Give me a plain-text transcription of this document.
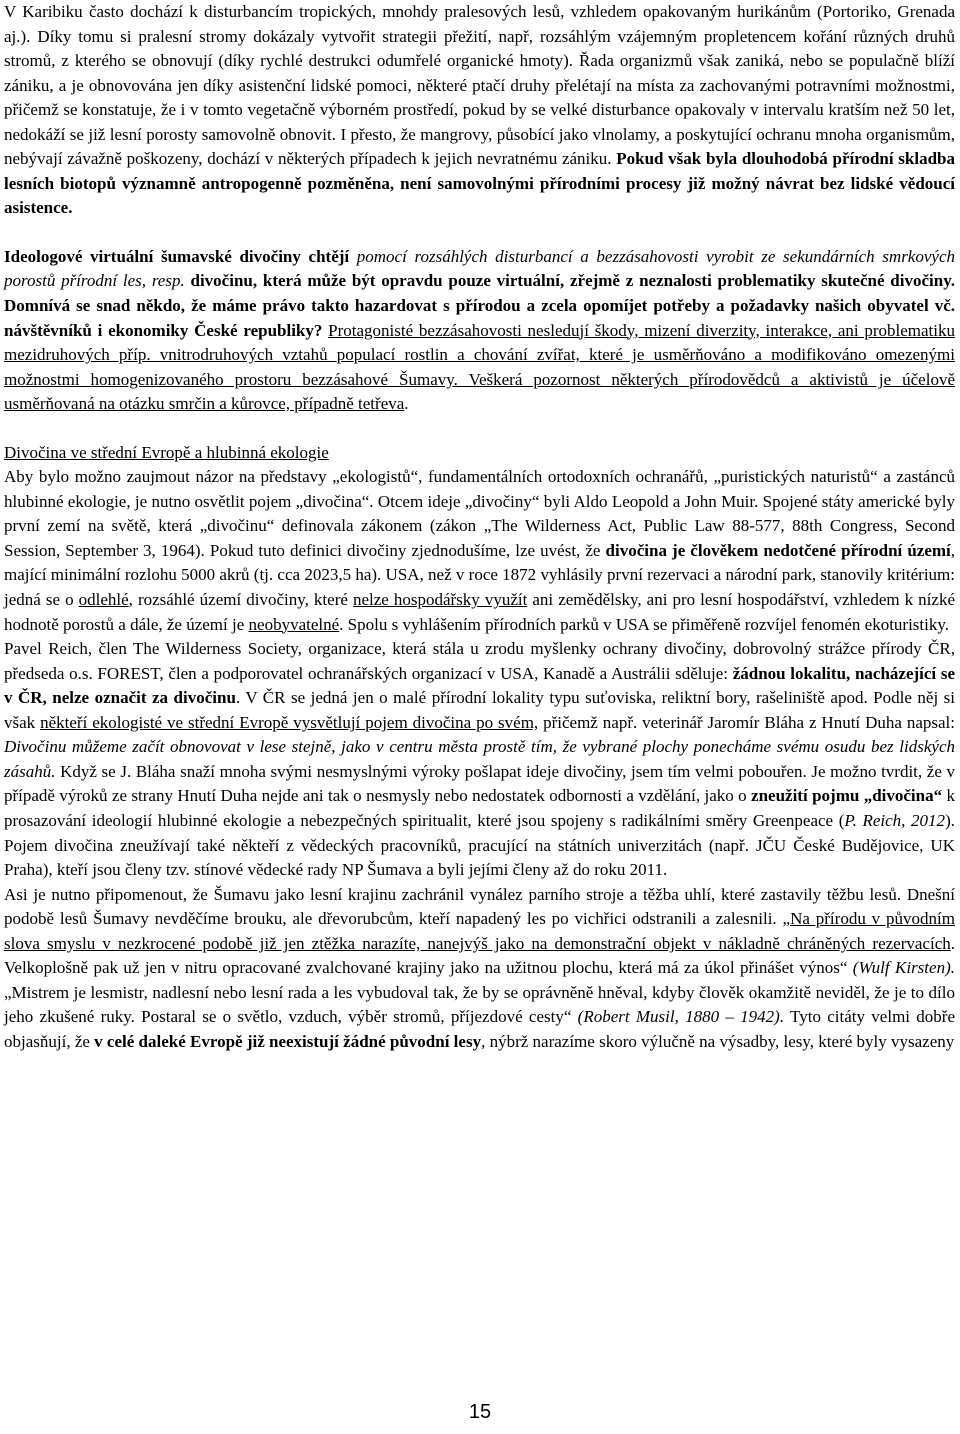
V Karibiku často dochází k disturbancím tropických, mnohdy pralesových lesů, vzhledem opakovaným hurikánům (Portoriko, Grenada aj.). Díky tomu si pralesní stromy dokázaly vytvořit strategii přežití, např, rozsáhlým vzájemným propletencem kořání různých druhů stromů, z kterého se obnovují (díky rychlé destrukci odumřelé organické hmoty). Řada organizmů však zaniká, nebo se populačně blíží zániku, a je obnovována jen díky asistenční lidské pomoci, některé ptačí druhy přelétají na místa za zachovanými potravními možnostmi, přičemž se konstatuje, že i v tomto vegetačně výborném prostředí, pokud by se velké disturbance opakovaly v intervalu kratším než 50 let, nedokáží se již lesní porosty samovolně obnovit. I přesto, že mangrovy, působící jako vlnolamy, a poskytující ochranu mnoha organismům, nebývají závažně poškozeny, dochází v některých případech k jejich nevratnému zániku. Pokud však byla dlouhodobá přírodní skladba lesních biotopů významně antropogenně pozměněna, není samovolnými přírodními procesy již možný návrat bez lidské vědoucí asistence.

Ideologové virtuální šumavské divočiny chtějí pomocí rozsáhlých disturbancí a bezzásahovosti vyrobit ze sekundárních smrkových porostů přírodní les, resp. divočinu, která může být opravdu pouze virtuální, zřejmě z neznalosti problematiky skutečné divočiny. Domnívá se snad někdo, že máme právo takto hazardovat s přírodou a zcela opomíjet potřeby a požadavky našich obyvatel vč. návštěvníků i ekonomiky České republiky? Protagonisté bezzásahovosti nesledují škody, mizení diverzity, interakce, ani problematiku mezidruhových příp. vnitrodruhových vztahů populací rostlin a chování zvířat, které je usměrňováno a modifikováno omezenými možnostmi homogenizovaného prostoru bezzásahové Šumavy. Veškerá pozornost některých přírodovědců a aktivistů je účelově usměrňovaná na otázku smrčin a kůrovce, případně tetřeva.

Divočina ve střední Evropě a hlubinná ekologie

Aby bylo možno zaujmout názor na představy „ekologistů“, fundamentálních ortodoxních ochranářů, „puristických naturistů“ a zastánců hlubinné ekologie, je nutno osvětlit pojem „divočina“. Otcem ideje „divočiny“ byli Aldo Leopold a John Muir. Spojené státy americké byly první zemí na světě, která „divočinu“ definovala zákonem (zákon „The Wilderness Act, Public Law 88-577, 88th Congress, Second Session, September 3, 1964). Pokud tuto definici divočiny zjednodušíme, lze uvést, že divočina je člověkem nedotčené přírodní území, mající minimální rozlohu 5000 akrů (tj. cca 2023,5 ha). USA, než v roce 1872 vyhlásily první rezervaci a národní park, stanovily kritérium: jedná se o odlehlé, rozsáhlé území divočiny, které nelze hospodářsky využít ani zemědělsky, ani pro lesní hospodářství, vzhledem k nízké hodnotě porostů a dále, že území je neobyvatelné. Spolu s vyhlášením přírodních parků v USA se přiměřeně rozvíjel fenomén ekoturistiky.

Pavel Reich, člen The Wilderness Society, organizace, která stála u zrodu myšlenky ochrany divočiny, dobrovolný strážce přírody ČR, předseda o.s. FOREST, člen a podporovatel ochranářských organizací v USA, Kanadě a Austrálii sděluje: žádnou lokalitu, nacházející se v ČR, nelze označit za divočinu. V ČR se jedná jen o malé přírodní lokality typu suťoviska, reliktní bory, rašeliniště apod. Podle něj si však někteří ekologisté ve střední Evropě vysvětlují pojem divočina po svém, přičemž např. veterinář Jaromír Bláha z Hnutí Duha napsal: Divočinu můžeme začít obnovovat v lese stejně, jako v centru města prostě tím, že vybrané plochy ponecháme svému osudu bez lidských zásahů. Když se J. Bláha snaží mnoha svými nesmyslnými výroky pošlapat ideje divočiny, jsem tím velmi pobouřen. Je možno tvrdit, že v případě výroků ze strany Hnutí Duha nejde ani tak o nesmysly nebo nedostatek odbornosti a vzdělání, jako o zneužití pojmu „divočina“ k prosazování ideologií hlubinné ekologie a nebezpečných spiritualit, které jsou spojeny s radikálními směry Greenpeace (P. Reich, 2012). Pojem divočina zneužívají také někteří z vědeckých pracovníků, pracující na státních univerzitách (např. JČU České Budějovice, UK Praha), kteří jsou členy tzv. stínové vědecké rady NP Šumava a byli jejími členy až do roku 2011.

Asi je nutno připomenout, že Šumavu jako lesní krajinu zachránil vynález parního stroje a těžba uhlí, které zastavily těžbu lesů. Dnešní podobě lesů Šumavy nevděčíme brouku, ale dřevorubcům, kteří napadený les po vichřici odstranili a zalesnili. „Na přírodu v původním slova smyslu v nezkrocené podobě již jen ztěžka narazíte, nanejvýš jako na demonstrační objekt v nákladně chráněných rezervacích. Velkoplošně pak už jen v nitru opracované zvalchované krajiny jako na užitnou plochu, která má za úkol přinášet výnos“ (Wulf Kirsten). „Mistrem je lesmistr, nadlesní nebo lesní rada a les vybudoval tak, že by se oprávněně hněval, kdyby člověk okamžitě neviděl, že je to dílo jeho zkušené ruky. Postaral se o světlo, vzduch, výběr stromů, příjezdové cesty“ (Robert Musil, 1880 – 1942). Tyto citáty velmi dobře objasňují, že v celé daleké Evropě již neexistují žádné původní lesy, nýbrž narazíme skoro výlučně na výsadby, lesy, které byly vysazeny

15
